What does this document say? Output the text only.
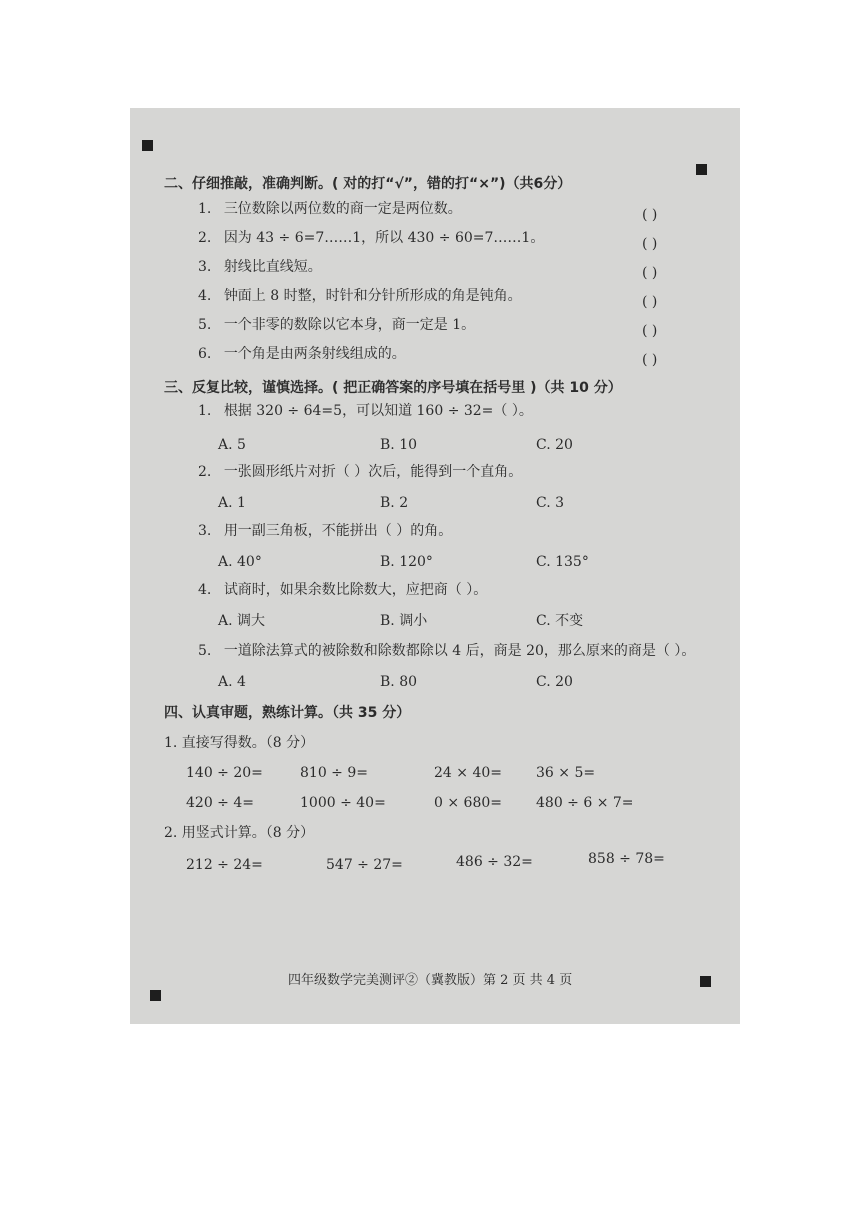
二、仔细推敲，准确判断。( 对的打“√”，错的打“×”)（共6分）
1. 三位数除以两位数的商一定是两位数。	( )
2. 因为 43 ÷ 6=7……1，所以 430 ÷ 60=7……1。	( )
3. 射线比直线短。	( )
4. 钟面上 8 时整，时针和分针所形成的角是钝角。	( )
5. 一个非零的数除以它本身，商一定是 1。	( )
6. 一个角是由两条射线组成的。	( )
三、反复比较，谨慎选择。( 把正确答案的序号填在括号里 )（共 10 分）
1. 根据 320 ÷ 64=5，可以知道 160 ÷ 32=（ ）。
A. 5	B. 10	C. 20
2. 一张圆形纸片对折（ ）次后，能得到一个直角。
A. 1	B. 2	C. 3
3. 用一副三角板，不能拼出（ ）的角。
A. 40°	B. 120°	C. 135°
4. 试商时，如果余数比除数大，应把商（ ）。
A. 调大	B. 调小	C. 不变
5. 一道除法算式的被除数和除数都除以 4 后，商是 20，那么原来的商是（ ）。
A. 4	B. 80	C. 20
四、认真审题，熟练计算。（共 35 分）
1. 直接写得数。（8 分）
140 ÷ 20=	810 ÷ 9=	24 × 40= 36 × 5=
420 ÷ 4=	1000 ÷ 40=	0 × 680= 480 ÷ 6 × 7=
2. 用竖式计算。（8 分）
212 ÷ 24=	547 ÷ 27=	486 ÷ 32=	858 ÷ 78=
四年级数学完美测评②（冀教版）第 2 页 共 4 页
